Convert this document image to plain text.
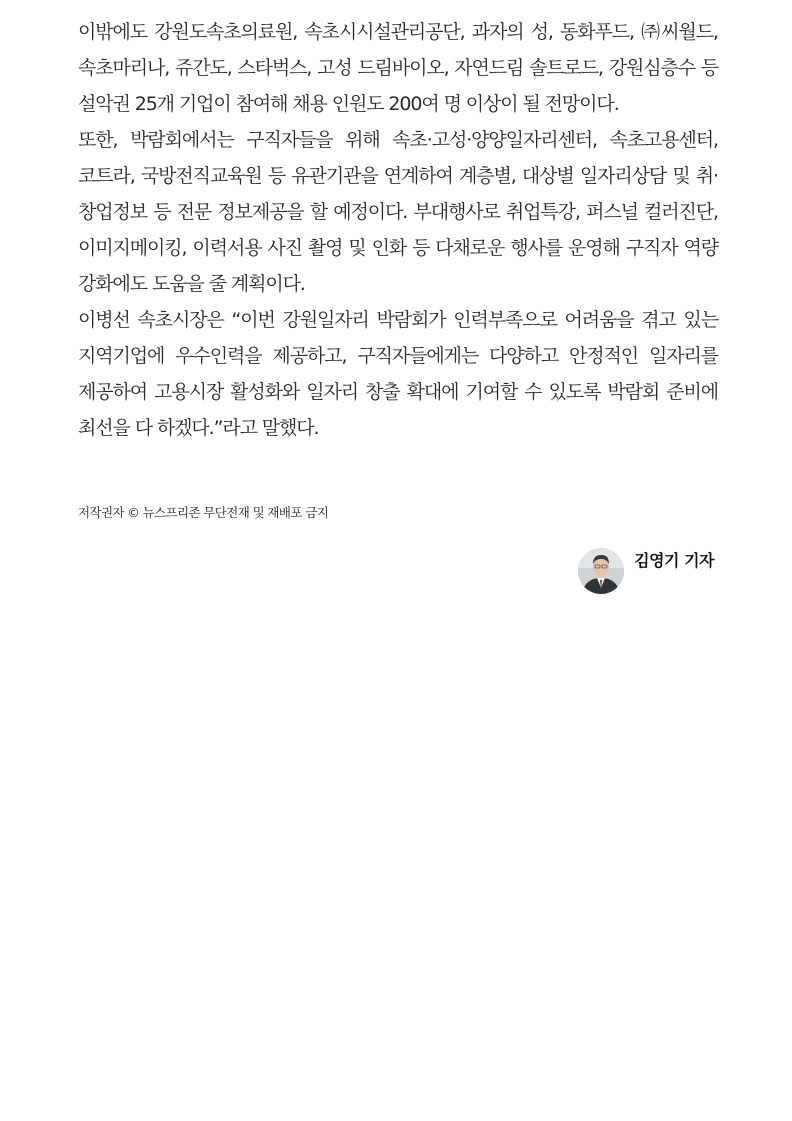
이밖에도 강원도속초의료원, 속초시시설관리공단, 과자의 성, 동화푸드, ㈜씨월드, 속초마리나, 쥬간도, 스타벅스, 고성 드림바이오, 자연드림 솔트로드, 강원심층수 등 설악권 25개 기업이 참여해 채용 인원도 200여 명 이상이 될 전망이다.

또한, 박람회에서는 구직자들을 위해 속초·고성·양양일자리센터, 속초고용센터, 코트라, 국방전직교육원 등 유관기관을 연계하여 계층별, 대상별 일자리상담 및 취·창업정보 등 전문 정보제공을 할 예정이다. 부대행사로 취업특강, 퍼스널 컬러진단, 이미지메이킹, 이력서용 사진 촬영 및 인화 등 다채로운 행사를 운영해 구직자 역량 강화에도 도움을 줄 계획이다.

이병선 속초시장은 “이번 강원일자리 박람회가 인력부족으로 어려움을 겪고 있는 지역기업에 우수인력을 제공하고, 구직자들에게는 다양하고 안정적인 일자리를 제공하여 고용시장 활성화와 일자리 창출 확대에 기여할 수 있도록 박람회 준비에 최선을 다 하겠다.”라고 말했다.

저작권자 © 뉴스프리존 무단전재 및 재배포 금지
김영기 기자
